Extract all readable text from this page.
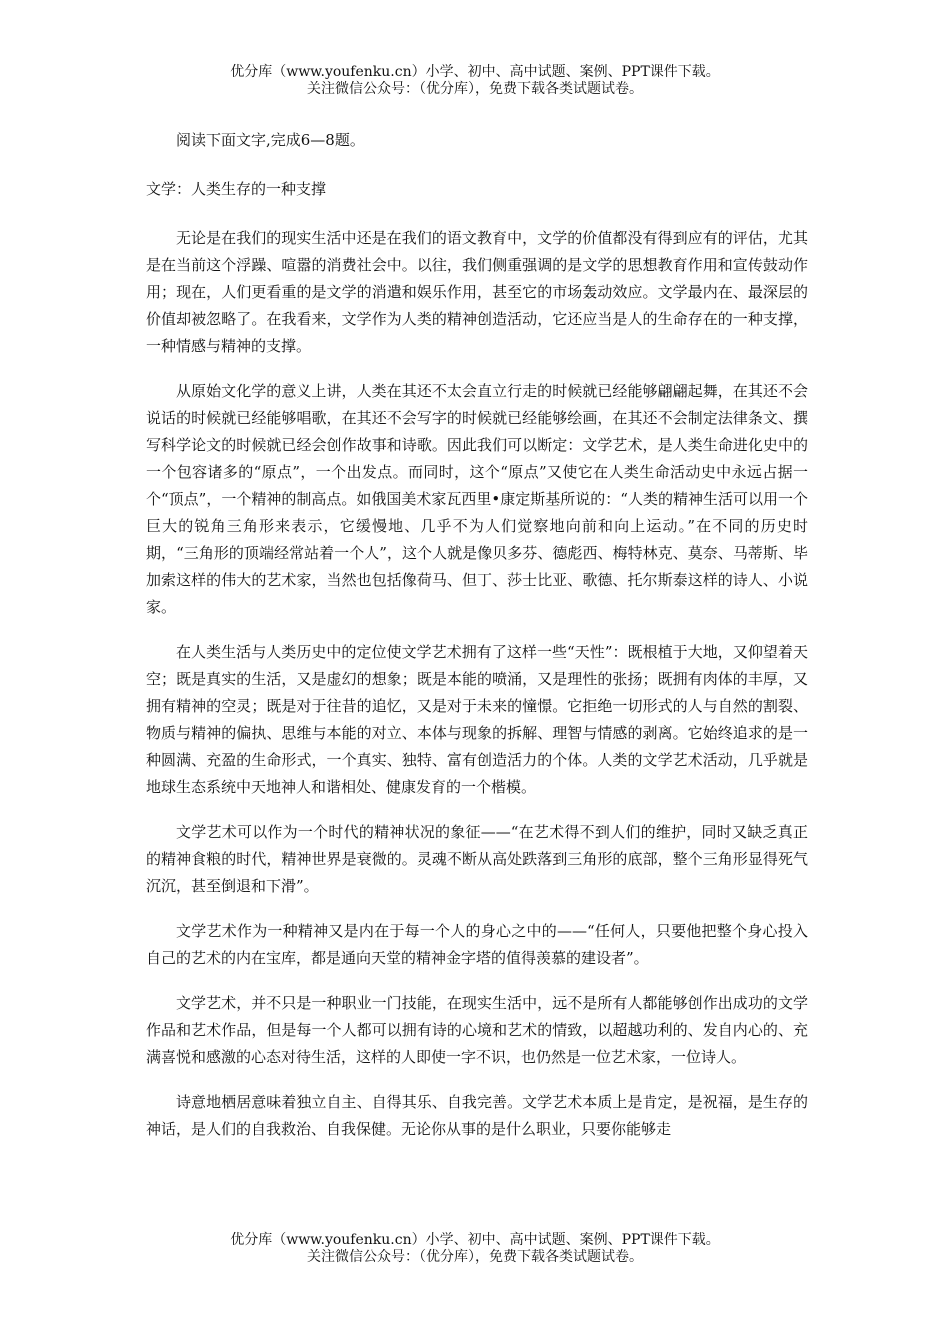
优分库（www.youfenku.cn）小学、初中、高中试题、案例、PPT课件下载。
关注微信公众号：（优分库），免费下载各类试题试卷。

阅读下面文字,完成6—8题。

文学：人类生存的一种支撑

无论是在我们的现实生活中还是在我们的语文教育中，文学的价值都没有得到应有的评估，尤其是在当前这个浮躁、喧嚣的消费社会中。以往，我们侧重强调的是文学的思想教育作用和宣传鼓动作用；现在，人们更看重的是文学的消遣和娱乐作用，甚至它的市场轰动效应。文学最内在、最深层的价值却被忽略了。在我看来，文学作为人类的精神创造活动，它还应当是人的生命存在的一种支撑，一种情感与精神的支撑。

从原始文化学的意义上讲，人类在其还不太会直立行走的时候就已经能够翩翩起舞，在其还不会说话的时候就已经能够唱歌，在其还不会写字的时候就已经能够绘画，在其还不会制定法律条文、撰写科学论文的时候就已经会创作故事和诗歌。因此我们可以断定：文学艺术，是人类生命进化史中的一个包容诸多的“原点”，一个出发点。而同时，这个“原点”又使它在人类生命活动史中永远占据一个“顶点”，一个精神的制高点。如俄国美术家瓦西里•康定斯基所说的：“人类的精神生活可以用一个巨大的锐角三角形来表示，它缓慢地、几乎不为人们觉察地向前和向上运动。”在不同的历史时期，“三角形的顶端经常站着一个人”，这个人就是像贝多芬、德彪西、梅特林克、莫奈、马蒂斯、毕加索这样的伟大的艺术家，当然也包括像荷马、但丁、莎士比亚、歌德、托尔斯泰这样的诗人、小说家。

在人类生活与人类历史中的定位使文学艺术拥有了这样一些“天性”：既根植于大地，又仰望着天空；既是真实的生活，又是虚幻的想象；既是本能的喷涌，又是理性的张扬；既拥有肉体的丰厚，又拥有精神的空灵；既是对于往昔的追忆，又是对于未来的憧憬。它拒绝一切形式的人与自然的割裂、物质与精神的偏执、思维与本能的对立、本体与现象的拆解、理智与情感的剥离。它始终追求的是一种圆满、充盈的生命形式，一个真实、独特、富有创造活力的个体。人类的文学艺术活动，几乎就是地球生态系统中天地神人和谐相处、健康发育的一个楷模。

文学艺术可以作为一个时代的精神状况的象征——“在艺术得不到人们的维护，同时又缺乏真正的精神食粮的时代，精神世界是衰微的。灵魂不断从高处跌落到三角形的底部，整个三角形显得死气沉沉，甚至倒退和下滑”。

文学艺术作为一种精神又是内在于每一个人的身心之中的——“任何人，只要他把整个身心投入自己的艺术的内在宝库，都是通向天堂的精神金字塔的值得羡慕的建设者”。

文学艺术，并不只是一种职业一门技能，在现实生活中，远不是所有人都能够创作出成功的文学作品和艺术作品，但是每一个人都可以拥有诗的心境和艺术的情致，以超越功利的、发自内心的、充满喜悦和感激的心态对待生活，这样的人即使一字不识，也仍然是一位艺术家，一位诗人。

诗意地栖居意味着独立自主、自得其乐、自我完善。文学艺术本质上是肯定，是祝福，是生存的神话，是人们的自我救治、自我保健。无论你从事的是什么职业，只要你能够走

优分库（www.youfenku.cn）小学、初中、高中试题、案例、PPT课件下载。
关注微信公众号：（优分库），免费下载各类试题试卷。
